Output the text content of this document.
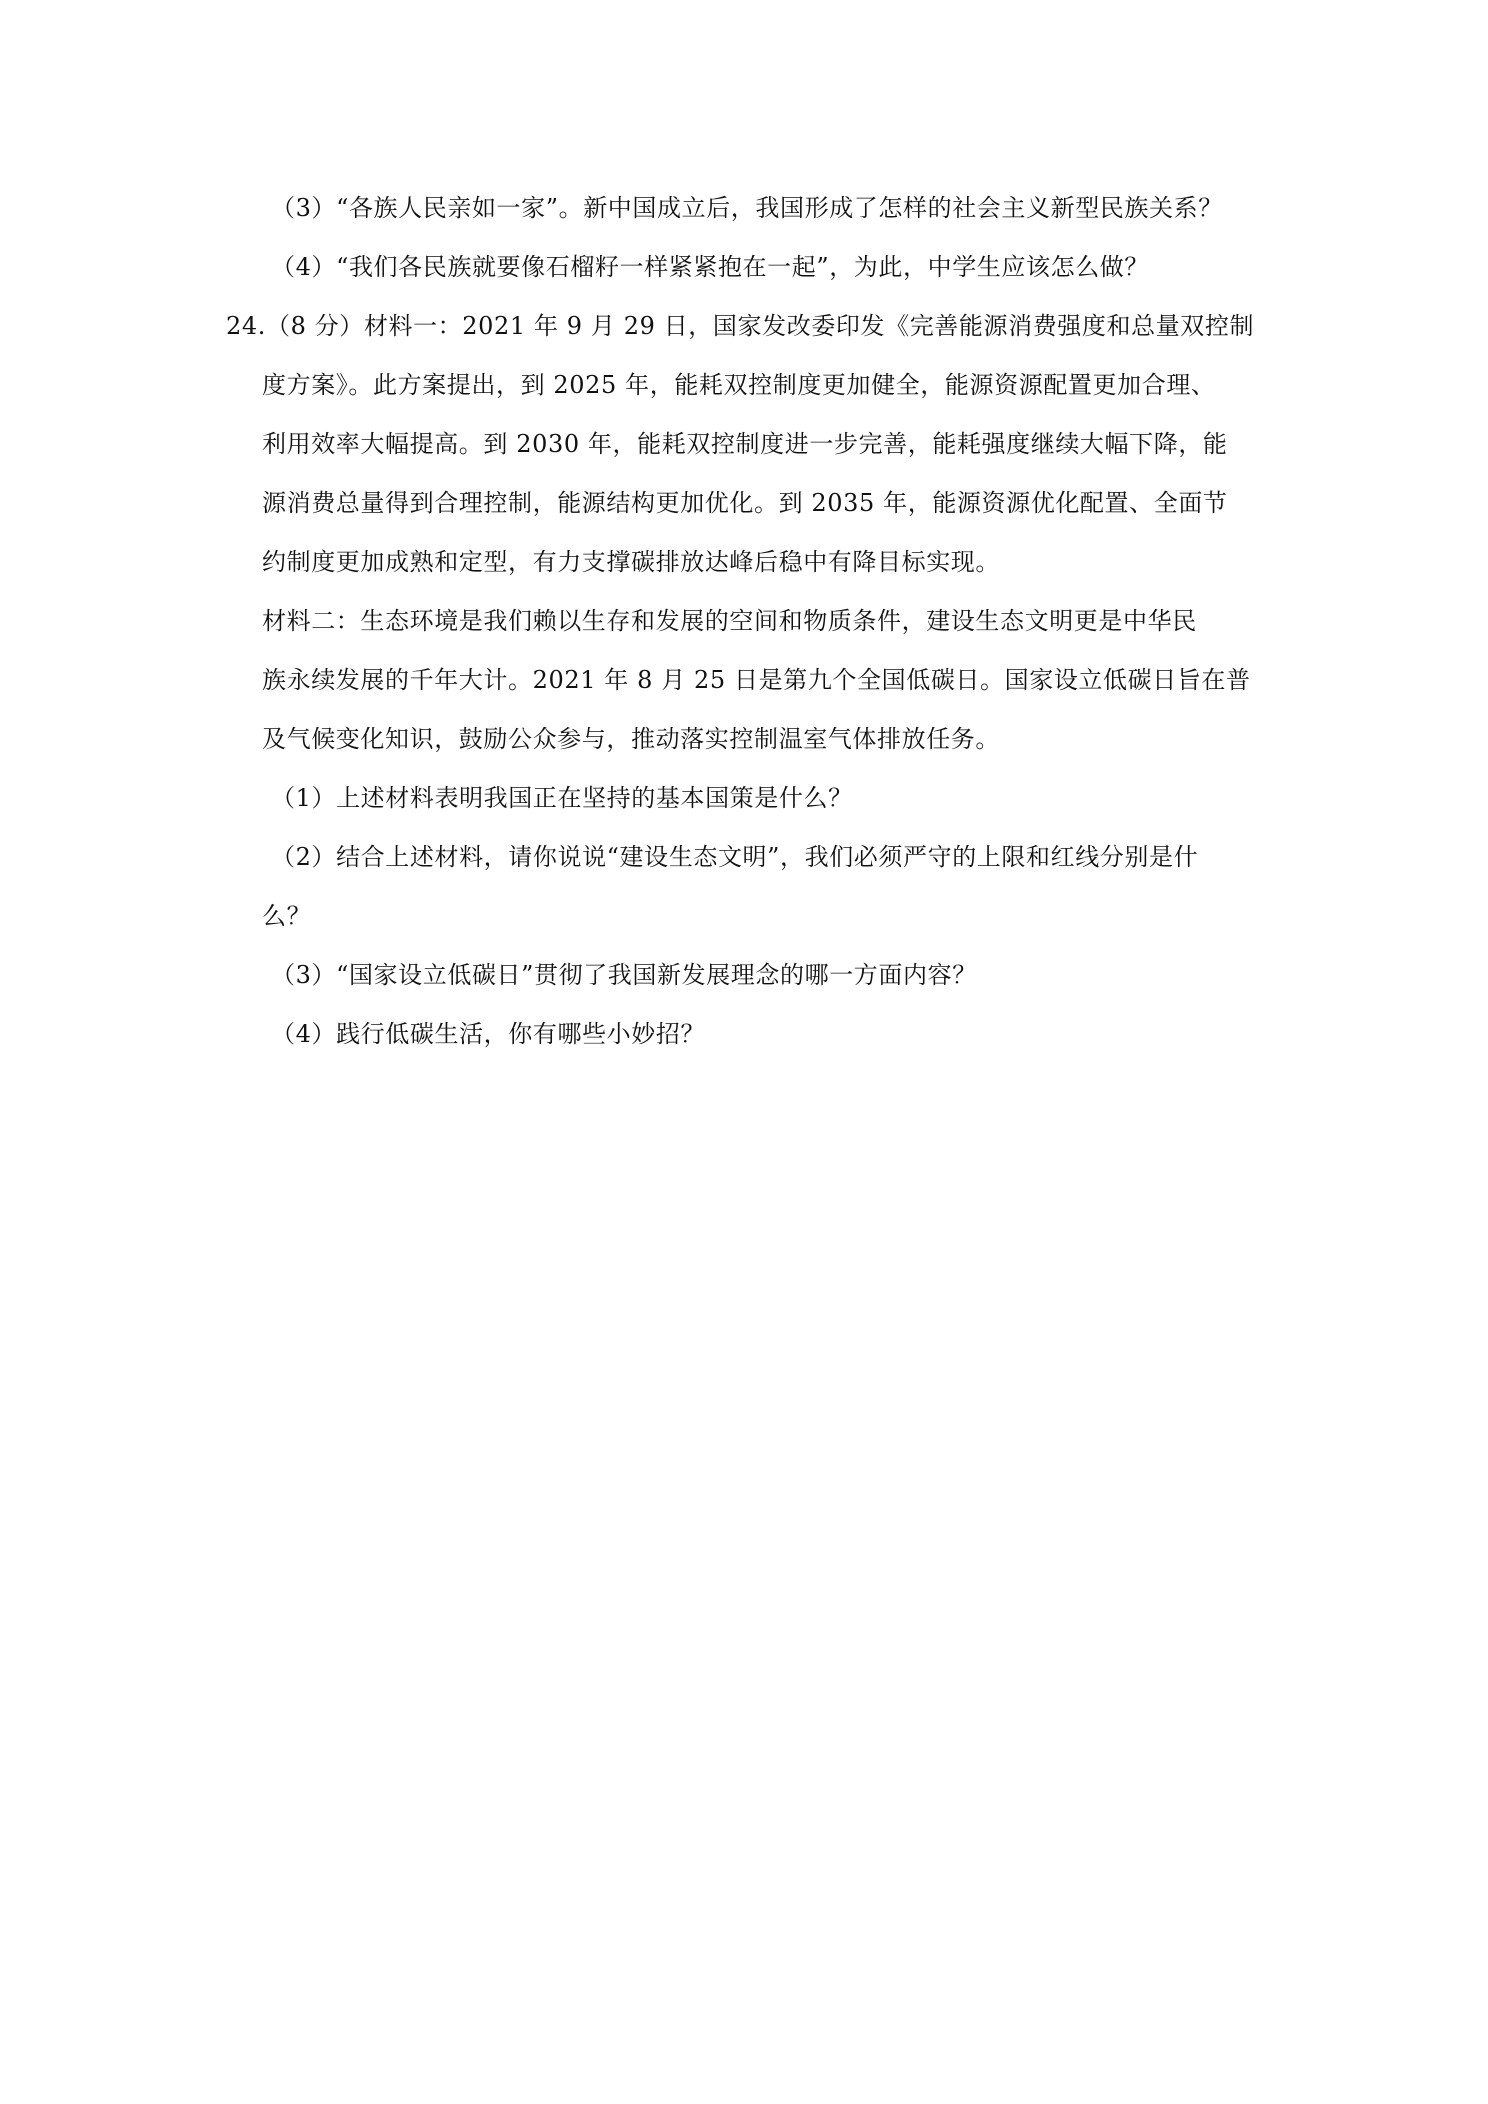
（3）“各族人民亲如一家”。新中国成立后，我国形成了怎样的社会主义新型民族关系？
（4）“我们各民族就要像石榴籽一样紧紧抱在一起”，为此，中学生应该怎么做？
24.（8 分）材料一：2021 年 9 月 29 日，国家发改委印发《完善能源消费强度和总量双控制
度方案》。此方案提出，到 2025 年，能耗双控制度更加健全，能源资源配置更加合理、
利用效率大幅提高。到 2030 年，能耗双控制度进一步完善，能耗强度继续大幅下降，能
源消费总量得到合理控制，能源结构更加优化。到 2035 年，能源资源优化配置、全面节
约制度更加成熟和定型，有力支撑碳排放达峰后稳中有降目标实现。
材料二：生态环境是我们赖以生存和发展的空间和物质条件，建设生态文明更是中华民
族永续发展的千年大计。2021 年 8 月 25 日是第九个全国低碳日。国家设立低碳日旨在普
及气候变化知识，鼓励公众参与，推动落实控制温室气体排放任务。
（1）上述材料表明我国正在坚持的基本国策是什么？
（2）结合上述材料，请你说说“建设生态文明”，我们必须严守的上限和红线分别是什
么？
（3）“国家设立低碳日”贯彻了我国新发展理念的哪一方面内容？
（4）践行低碳生活，你有哪些小妙招？
